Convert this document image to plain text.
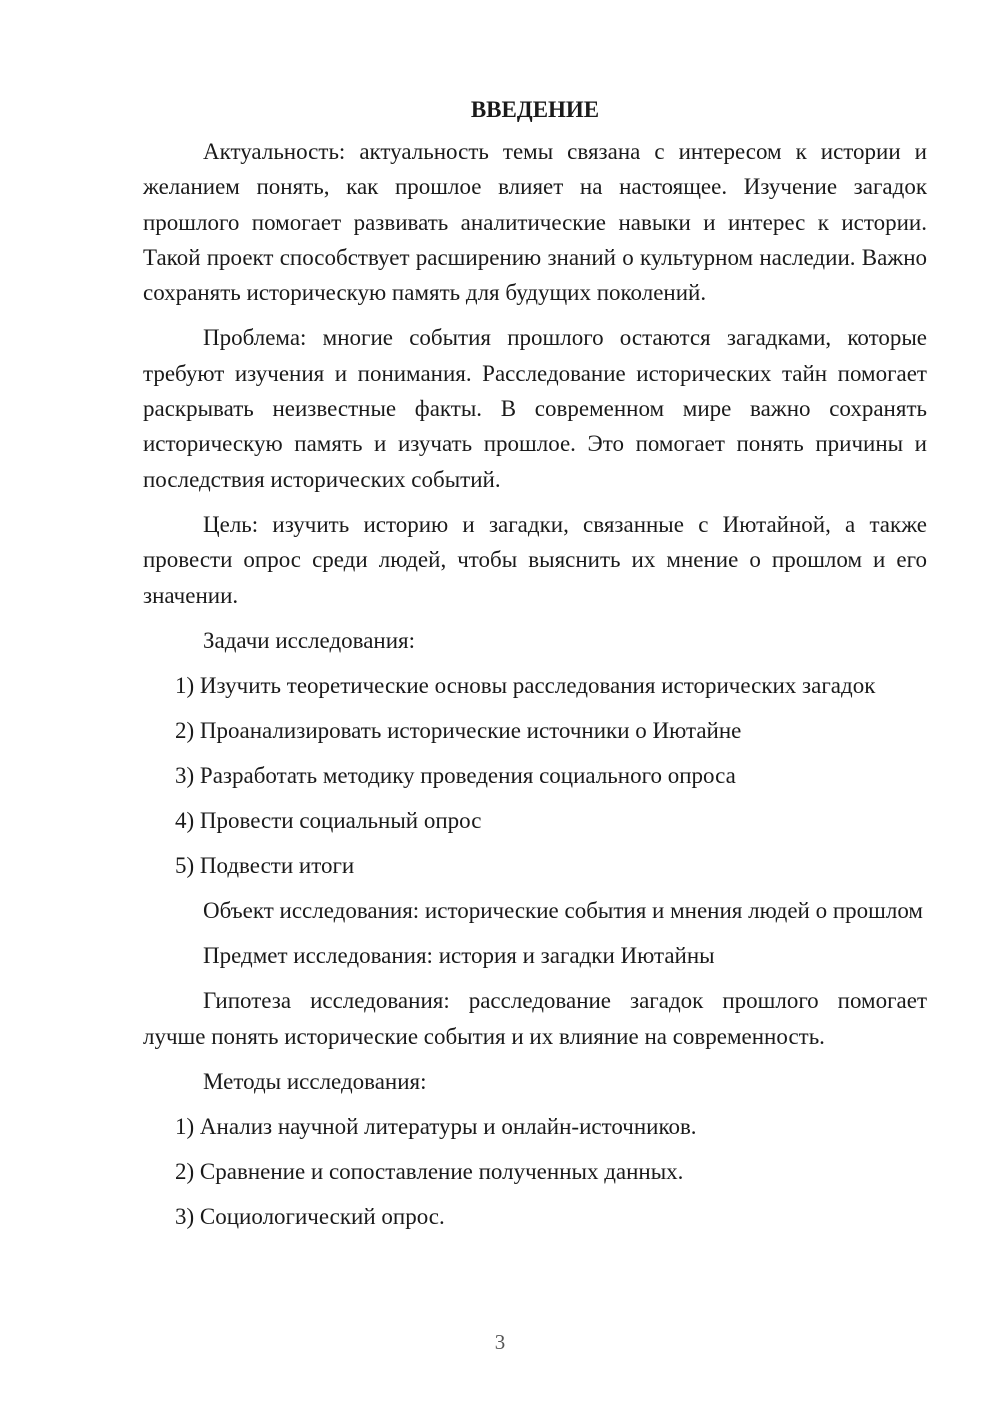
ВВЕДЕНИЕ

Актуальность: актуальность темы связана с интересом к истории и желанием понять, как прошлое влияет на настоящее. Изучение загадок прошлого помогает развивать аналитические навыки и интерес к истории. Такой проект способствует расширению знаний о культурном наследии. Важно сохранять историческую память для будущих поколений.

Проблема: многие события прошлого остаются загадками, которые требуют изучения и понимания. Расследование исторических тайн помогает раскрывать неизвестные факты. В современном мире важно сохранять историческую память и изучать прошлое. Это помогает понять причины и последствия исторических событий.

Цель: изучить историю и загадки, связанные с Иютайной, а также провести опрос среди людей, чтобы выяснить их мнение о прошлом и его значении.

Задачи исследования:

1) Изучить теоретические основы расследования исторических загадок

2) Проанализировать исторические источники о Иютайне

3) Разработать методику проведения социального опроса

4) Провести социальный опрос

5) Подвести итоги

Объект исследования: исторические события и мнения людей о прошлом

Предмет исследования: история и загадки Иютайны

Гипотеза исследования: расследование загадок прошлого помогает лучше понять исторические события и их влияние на современность.

Методы исследования:

1) Анализ научной литературы и онлайн-источников.

2) Сравнение и сопоставление полученных данных.

3) Социологический опрос.

3
